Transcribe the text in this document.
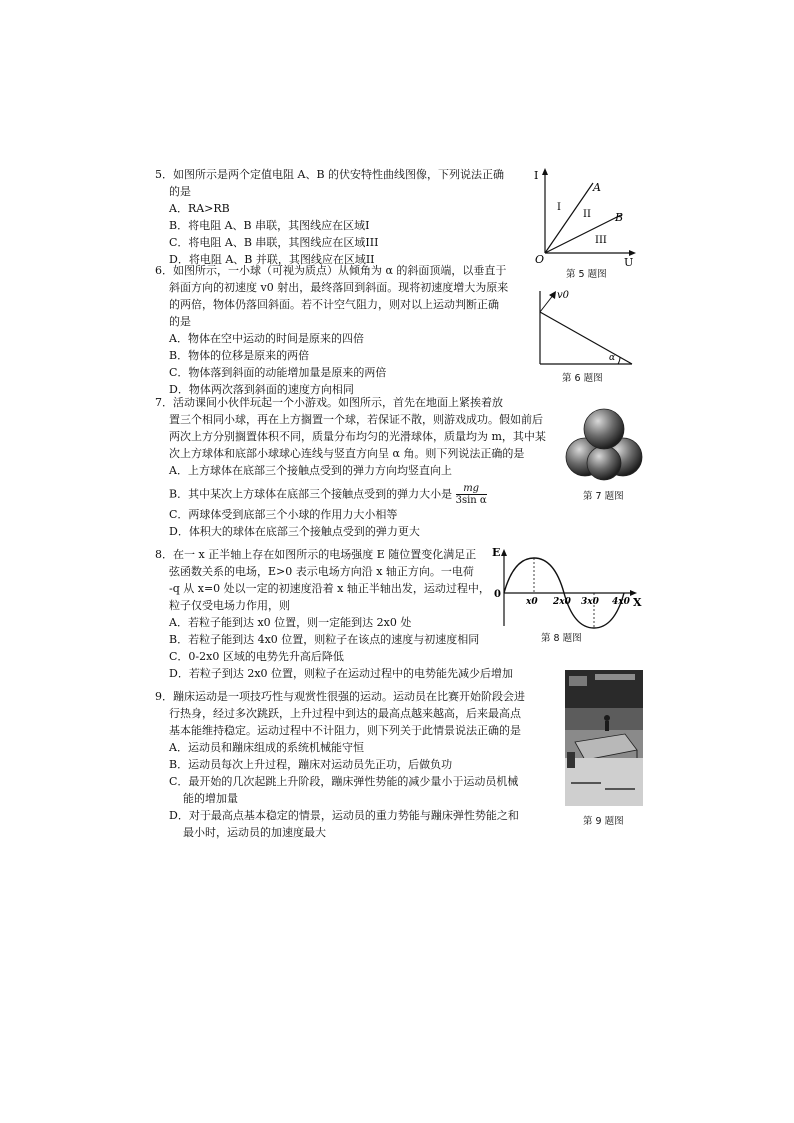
5．如图所示是两个定值电阻 A、B 的伏安特性曲线图像，下列说法正确
的是
A．RA>RB
B．将电阻 A、B 串联，其图线应在区域I
C．将电阻 A、B 串联，其图线应在区域III
D．将电阻 A、B 并联，其图线应在区域II
I
U
O
A
B
I
II
III
第 5 题图
6．如图所示，一小球（可视为质点）从倾角为 α 的斜面顶端，以垂直于
斜面方向的初速度 v0 射出，最终落回到斜面。现将初速度增大为原来
的两倍，物体仍落回斜面。若不计空气阻力，则对以上运动判断正确
的是
A．物体在空中运动的时间是原来的四倍
B．物体的位移是原来的两倍
C．物体落到斜面的动能增加量是原来的两倍
D．物体两次落到斜面的速度方向相同
v0
α
第 6 题图
7．活动课间小伙伴玩起一个小游戏。如图所示，首先在地面上紧挨着放
置三个相同小球，再在上方搁置一个球，若保证不散，则游戏成功。假如前后
两次上方分别搁置体积不同，质量分布均匀的光滑球体，质量均为 m，其中某
次上方球体和底部小球球心连线与竖直方向呈 α 角。则下列说法正确的是
A．上方球体在底部三个接触点受到的弹力方向均竖直向上
B．其中某次上方球体在底部三个接触点受到的弹力大小是 $\frac{mg}{\text{3sin α}}$
C．两球体受到底部三个小球的作用力大小相等
D．体积大的球体在底部三个接触点受到的弹力更大
第 7 题图
8．在一 x 正半轴上存在如图所示的电场强度 E 随位置变化满足正
弦函数关系的电场，E>0 表示电场方向沿 x 轴正方向。一电荷
-q 从 x=0 处以一定的初速度沿着 x 轴正半轴出发，运动过程中，
粒子仅受电场力作用，则
A．若粒子能到达 x0 位置，则一定能到达 2x0 处
B．若粒子能到达 4x0 位置，则粒子在该点的速度与初速度相同
C．0-2x0 区域的电势先升高后降低
D．若粒子到达 2x0 位置，则粒子在运动过程中的电势能先减少后增加
E
X
0
x0 2x0 3x0 4x0
第 8 题图
9．蹦床运动是一项技巧性与观赏性很强的运动。运动员在比赛开始阶段会进
行热身，经过多次跳跃，上升过程中到达的最高点越来越高，后来最高点
基本能维持稳定。运动过程中不计阻力，则下列关于此情景说法正确的是
A．运动员和蹦床组成的系统机械能守恒
B．运动员每次上升过程，蹦床对运动员先正功，后做负功
C．最开始的几次起跳上升阶段，蹦床弹性势能的减少量小于运动员机械
能的增加量
D．对于最高点基本稳定的情景，运动员的重力势能与蹦床弹性势能之和
最小时，运动员的加速度最大
第 9 题图
